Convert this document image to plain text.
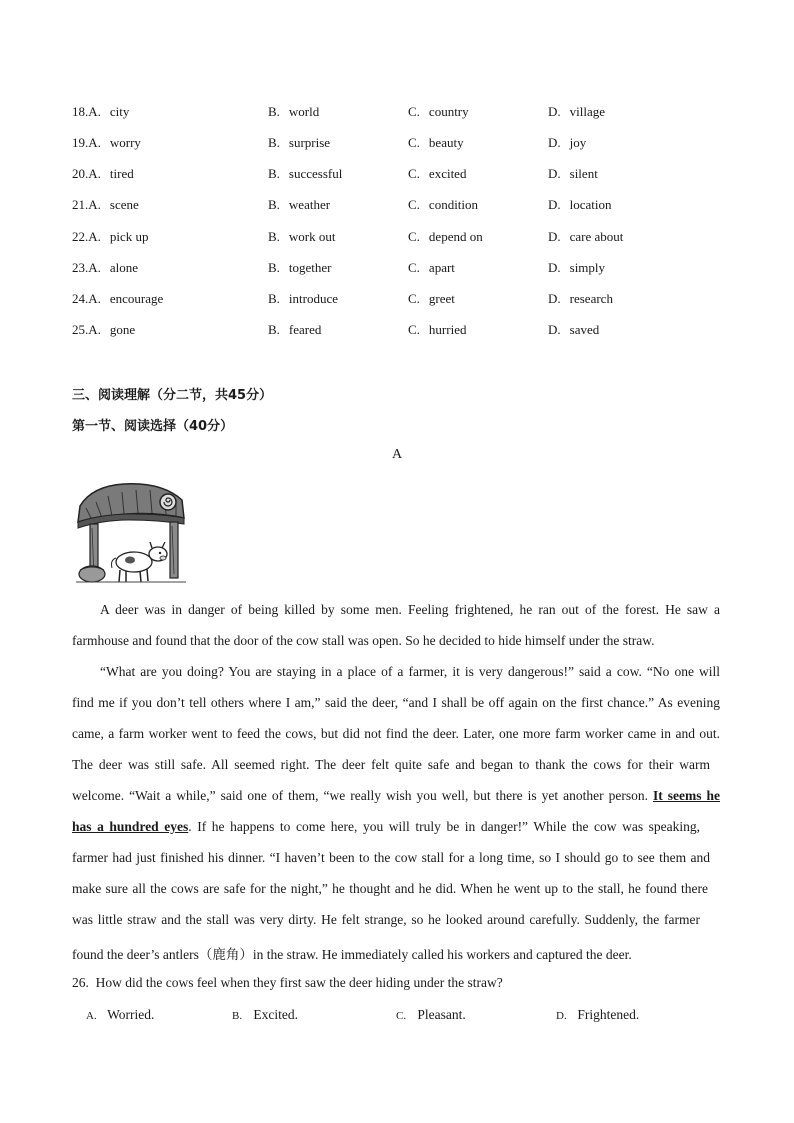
18.A. city	B. world	C. country	D. village
19.A. worry	B. surprise	C. beauty	D. joy
20.A. tired	B. successful	C. excited	D. silent
21.A. scene	B. weather	C. condition	D. location
22.A. pick up	B. work out	C. depend on	D. care about
23.A. alone	B. together	C. apart	D. simply
24.A. encourage	B. introduce	C. greet	D. research
25.A. gone	B. feared	C. hurried	D. saved
三、阅读理解（分二节，共45分）
第一节、阅读选择（40分）
A
A deer was in danger of being killed by some men. Feeling frightened, he ran out of the forest. He saw a
farmhouse and found that the door of the cow stall was open. So he decided to hide himself under the straw.
“What are you doing? You are staying in a place of a farmer, it is very dangerous!” said a cow. “No one will
find me if you don’t tell others where I am,” said the deer, “and I shall be off again on the first chance.” As evening
came, a farm worker went to feed the cows, but did not find the deer. Later, one more farm worker came in and out.
The deer was still safe. All seemed right. The deer felt quite safe and began to thank the cows for their warm
welcome. “Wait a while,” said one of them, “we really wish you well, but there is yet another person. It seems he
has a hundred eyes. If he happens to come here, you will truly be in danger!” While the cow was speaking,
farmer had just finished his dinner. “I haven’t been to the cow stall for a long time, so I should go to see them and
make sure all the cows are safe for the night,” he thought and he did. When he went up to the stall, he found there
was little straw and the stall was very dirty. He felt strange, so he looked around carefully. Suddenly, the farmer
found the deer’s antlers（鹿角）in the straw. He immediately called his workers and captured the deer.
26. How did the cows feel when they first saw the deer hiding under the straw?
A. Worried.	B. Excited.	C. Pleasant.	D. Frightened.
